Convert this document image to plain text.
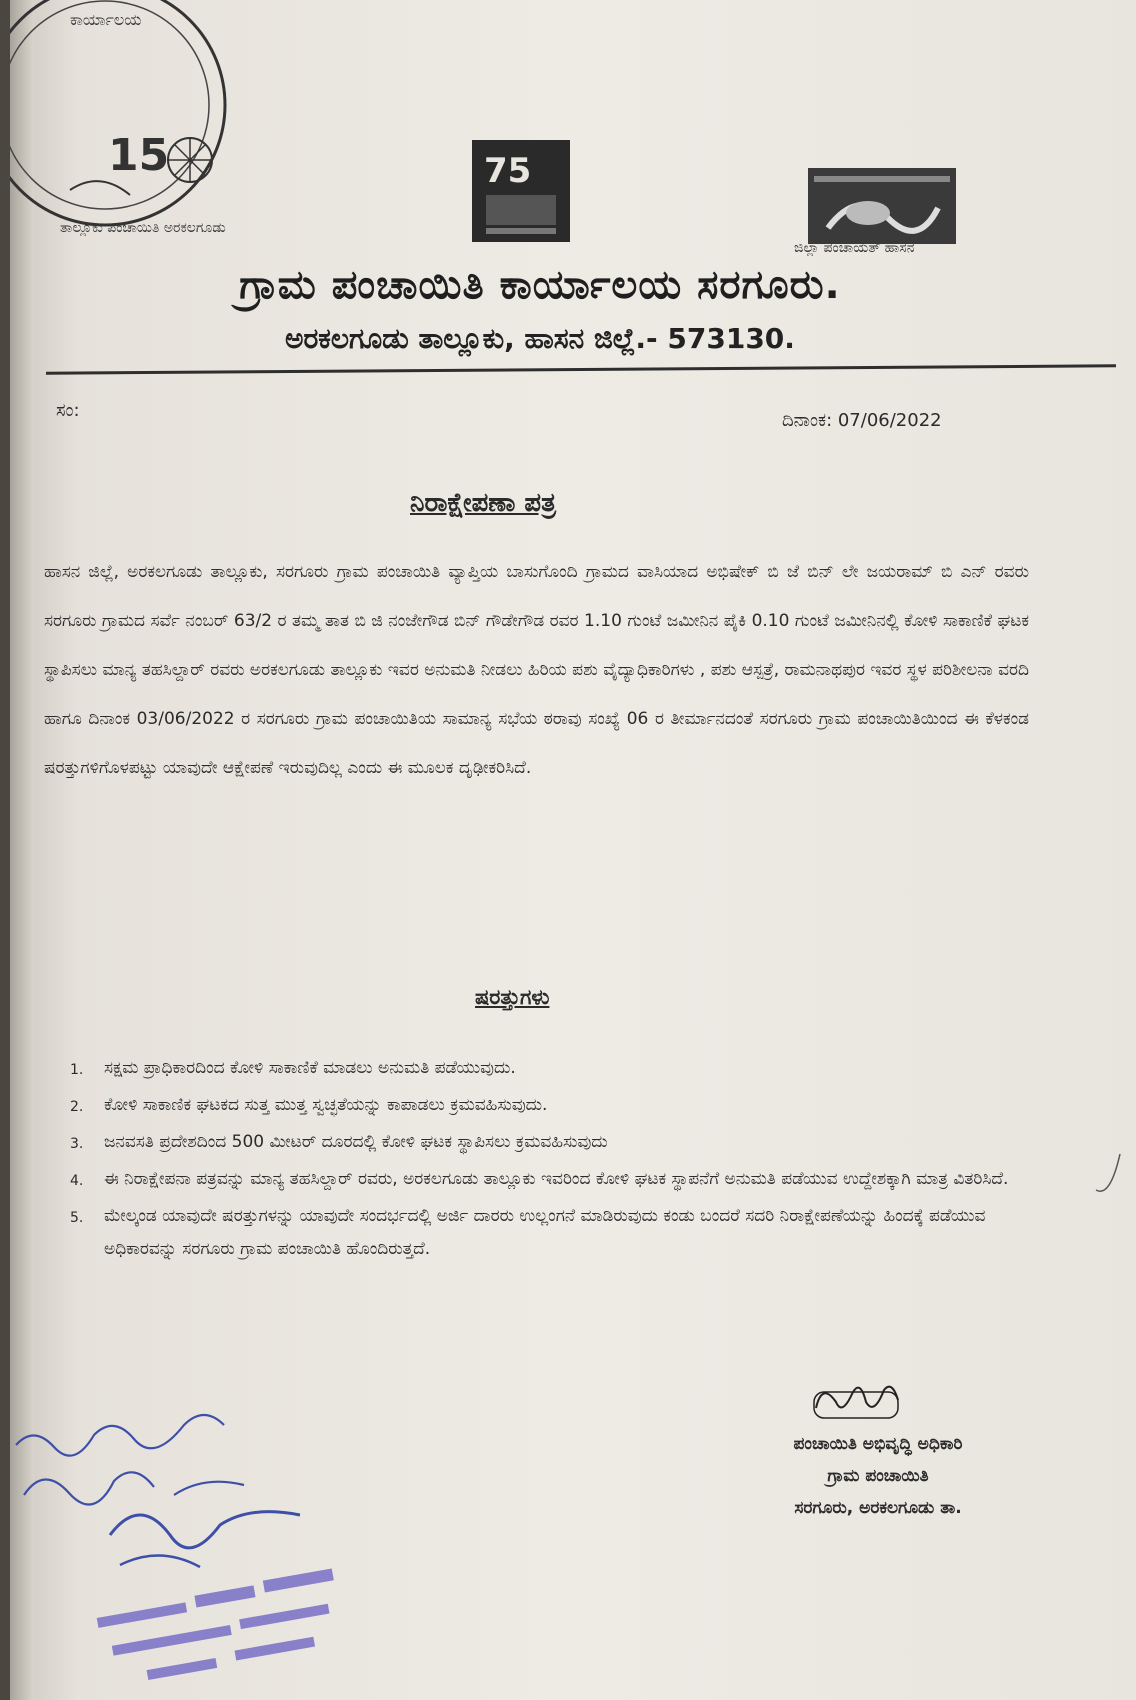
ಕಾರ್ಯಾಲಯ
15
ತಾಲ್ಲೂಕು ಪಂಚಾಯಿತಿ ಅರಕಲಗೂಡು
75
ಜಿಲ್ಲಾ ಪಂಚಾಯತ್ ಹಾಸನ
ಗ್ರಾಮ ಪಂಚಾಯಿತಿ ಕಾರ್ಯಾಲಯ ಸರಗೂರು.
ಅರಕಲಗೂಡು ತಾಲ್ಲೂಕು, ಹಾಸನ ಜಿಲ್ಲೆ.- 573130.
ಸಂ:	ದಿನಾಂಕ: 07/06/2022
ನಿರಾಕ್ಷೇಪಣಾ ಪತ್ರ

ಹಾಸನ ಜಿಲ್ಲೆ, ಅರಕಲಗೂಡು ತಾಲ್ಲೂಕು, ಸರಗೂರು ಗ್ರಾಮ ಪಂಚಾಯಿತಿ ವ್ಯಾಪ್ತಿಯ ಬಾಸುಗೊಂದಿ ಗ್ರಾಮದ ವಾಸಿಯಾದ ಅಭಿಷೇಕ್ ಬಿ ಜೆ ಬಿನ್ ಲೇ ಜಯರಾಮ್ ಬಿ ಎನ್ ರವರು ಸರಗೂರು ಗ್ರಾಮದ ಸರ್ವೆ ನಂಬರ್ 63/2 ರ ತಮ್ಮ ತಾತ ಬಿ ಜಿ ನಂಜೇಗೌಡ ಬಿನ್ ಗೌಡೇಗೌಡ ರವರ 1.10 ಗುಂಟೆ ಜಮೀನಿನ ಪೈಕಿ 0.10 ಗುಂಟೆ ಜಮೀನಿನಲ್ಲಿ ಕೋಳಿ ಸಾಕಾಣಿಕೆ ಘಟಕ ಸ್ಥಾಪಿಸಲು ಮಾನ್ಯ ತಹಸಿಲ್ದಾರ್ ರವರು ಅರಕಲಗೂಡು ತಾಲ್ಲೂಕು ಇವರ ಅನುಮತಿ ನೀಡಲು ಹಿರಿಯ ಪಶು ವೈದ್ಯಾಧಿಕಾರಿಗಳು , ಪಶು ಆಸ್ಪತ್ರೆ, ರಾಮನಾಥಪುರ ಇವರ ಸ್ಥಳ ಪರಿಶೀಲನಾ ವರದಿ ಹಾಗೂ ದಿನಾಂಕ 03/06/2022 ರ ಸರಗೂರು ಗ್ರಾಮ ಪಂಚಾಯಿತಿಯ ಸಾಮಾನ್ಯ ಸಭೆಯ ಠರಾವು ಸಂಖ್ಯೆ 06 ರ ತೀರ್ಮಾನದಂತೆ ಸರಗೂರು ಗ್ರಾಮ ಪಂಚಾಯಿತಿಯಿಂದ ಈ ಕೆಳಕಂಡ ಷರತ್ತುಗಳಿಗೊಳಪಟ್ಟು ಯಾವುದೇ ಆಕ್ಷೇಪಣೆ ಇರುವುದಿಲ್ಲ ಎಂದು ಈ ಮೂಲಕ ದೃಢೀಕರಿಸಿದೆ.

ಷರತ್ತುಗಳು
1. ಸಕ್ಷಮ ಪ್ರಾಧಿಕಾರದಿಂದ ಕೋಳಿ ಸಾಕಾಣಿಕೆ ಮಾಡಲು ಅನುಮತಿ ಪಡೆಯುವುದು.
2. ಕೋಳಿ ಸಾಕಾಣಿಕ ಘಟಕದ ಸುತ್ತ ಮುತ್ತ ಸ್ವಚ್ಛತೆಯನ್ನು ಕಾಪಾಡಲು ಕ್ರಮವಹಿಸುವುದು.
3. ಜನವಸತಿ ಪ್ರದೇಶದಿಂದ 500 ಮೀಟರ್ ದೂರದಲ್ಲಿ ಕೋಳಿ ಘಟಕ ಸ್ಥಾಪಿಸಲು ಕ್ರಮವಹಿಸುವುದು
4. ಈ ನಿರಾಕ್ಷೇಪನಾ ಪತ್ರವನ್ನು ಮಾನ್ಯ ತಹಸಿಲ್ದಾರ್ ರವರು, ಅರಕಲಗೂಡು ತಾಲ್ಲೂಕು ಇವರಿಂದ ಕೋಳಿ ಘಟಕ ಸ್ಥಾಪನೆಗೆ ಅನುಮತಿ ಪಡೆಯುವ ಉದ್ದೇಶಕ್ಕಾಗಿ ಮಾತ್ರ ವಿತರಿಸಿದೆ.
5. ಮೇಲ್ಕಂಡ ಯಾವುದೇ ಷರತ್ತುಗಳನ್ನು ಯಾವುದೇ ಸಂದರ್ಭದಲ್ಲಿ ಅರ್ಜಿ ದಾರರು ಉಲ್ಲಂಗನೆ ಮಾಡಿರುವುದು ಕಂಡು ಬಂದರೆ ಸದರಿ ನಿರಾಕ್ಷೇಪಣೆಯನ್ನು ಹಿಂದಕ್ಕೆ ಪಡೆಯುವ ಅಧಿಕಾರವನ್ನು ಸರಗೂರು ಗ್ರಾಮ ಪಂಚಾಯಿತಿ ಹೊಂದಿರುತ್ತದೆ.
ಪಂಚಾಯಿತಿ ಅಭಿವೃದ್ಧಿ ಅಧಿಕಾರಿ
ಗ್ರಾಮ ಪಂಚಾಯಿತಿ
ಸರಗೂರು, ಅರಕಲಗೂಡು ತಾ.
